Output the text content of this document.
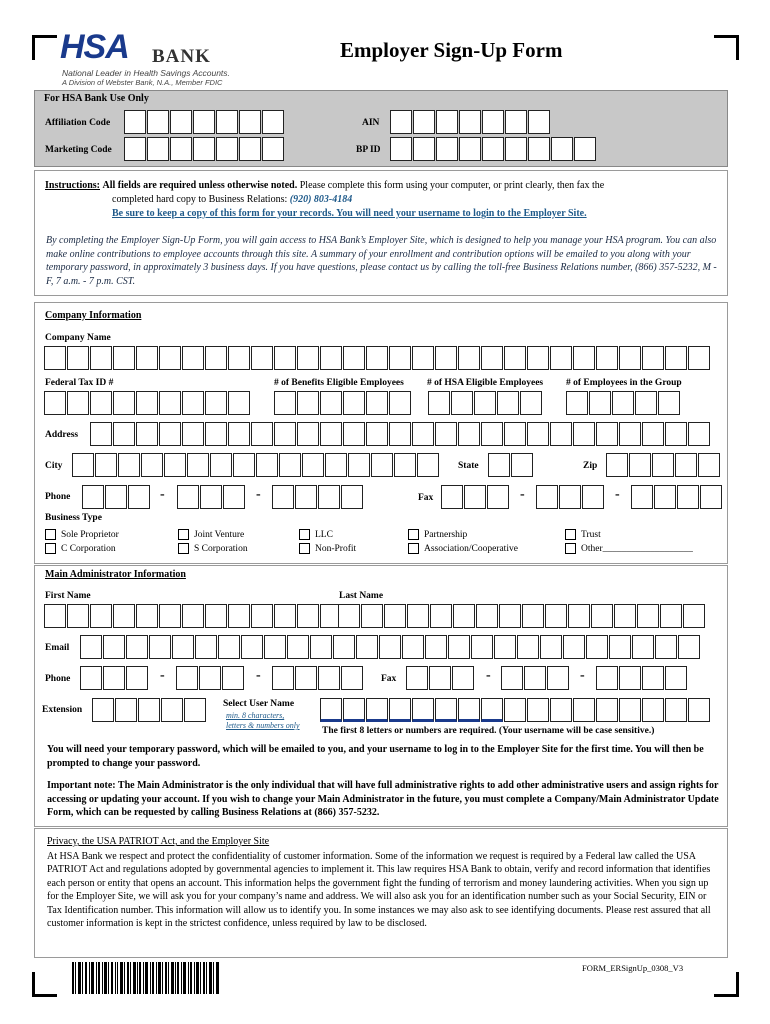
HSA BANK
National Leader in Health Savings Accounts.
A Division of Webster Bank, N.A., Member FDIC
Employer Sign-Up Form
For HSA Bank Use Only
Affiliation Code	AIN
Marketing Code	BP ID
Instructions: All fields are required unless otherwise noted. Please complete this form using your computer, or print clearly, then fax the
completed hard copy to Business Relations: (920) 803-4184
Be sure to keep a copy of this form for your records. You will need your username to login to the Employer Site.
By completing the Employer Sign-Up Form, you will gain access to HSA Bank’s Employer Site, which is designed to help you manage your HSA program. You can also make online contributions to employee accounts through this site. A summary of your enrollment and contribution options will be emailed to you along with your temporary password, in approximately 3 business days. If you have questions, please contact us by calling the toll-free Business Relations number, (866) 357-5232, M - F, 7 a.m. - 7 p.m. CST.
Company Information
Company Name
Federal Tax ID #	# of Benefits Eligible Employees # of HSA Eligible Employees # of Employees in the Group
Address
City	State	Zip
Phone	-	-	Fax	-	-
Business Type
Sole Proprietor
C Corporation
Joint Venture
S Corporation
LLC
Non-Profit
Partnership
Association/Cooperative
Trust
Other___________________
Main Administrator Information
First Name	Last Name
Email
Phone	-	-	Fax	-	-
Extension
Select User Name
min. 8 characters,
letters & numbers only
The first 8 letters or numbers are required. (Your username will be case sensitive.)
You will need your temporary password, which will be emailed to you, and your username to log in to the Employer Site for the first time. You will then be prompted to change your password.
Important note: The Main Administrator is the only individual that will have full administrative rights to add other administrative users and assign rights for accessing or updating your account. If you wish to change your Main Administrator in the future, you must complete a Company/Main Administrator Update Form, which can be requested by calling Business Relations at (866) 357-5232.
Privacy, the USA PATRIOT Act, and the Employer Site
At HSA Bank we respect and protect the confidentiality of customer information. Some of the information we request is required by a Federal law called the USA PATRIOT Act and regulations adopted by governmental agencies to implement it. This law requires HSA Bank to obtain, verify and record information that identifies each person or entity that opens an account. This information helps the government fight the funding of terrorism and money laundering activities. When you sign up for the Employer Site, we will ask you for your company’s name and address. We will also ask you for an identification number such as your Social Security, EIN or Tax Identification number. This information will allow us to identify you. In some instances we may also ask to see identifying documents. Please rest assured that all customer information is kept in the strictest confidence, unless required by law to be disclosed.
FORM_ERSignUp_0308_V3
